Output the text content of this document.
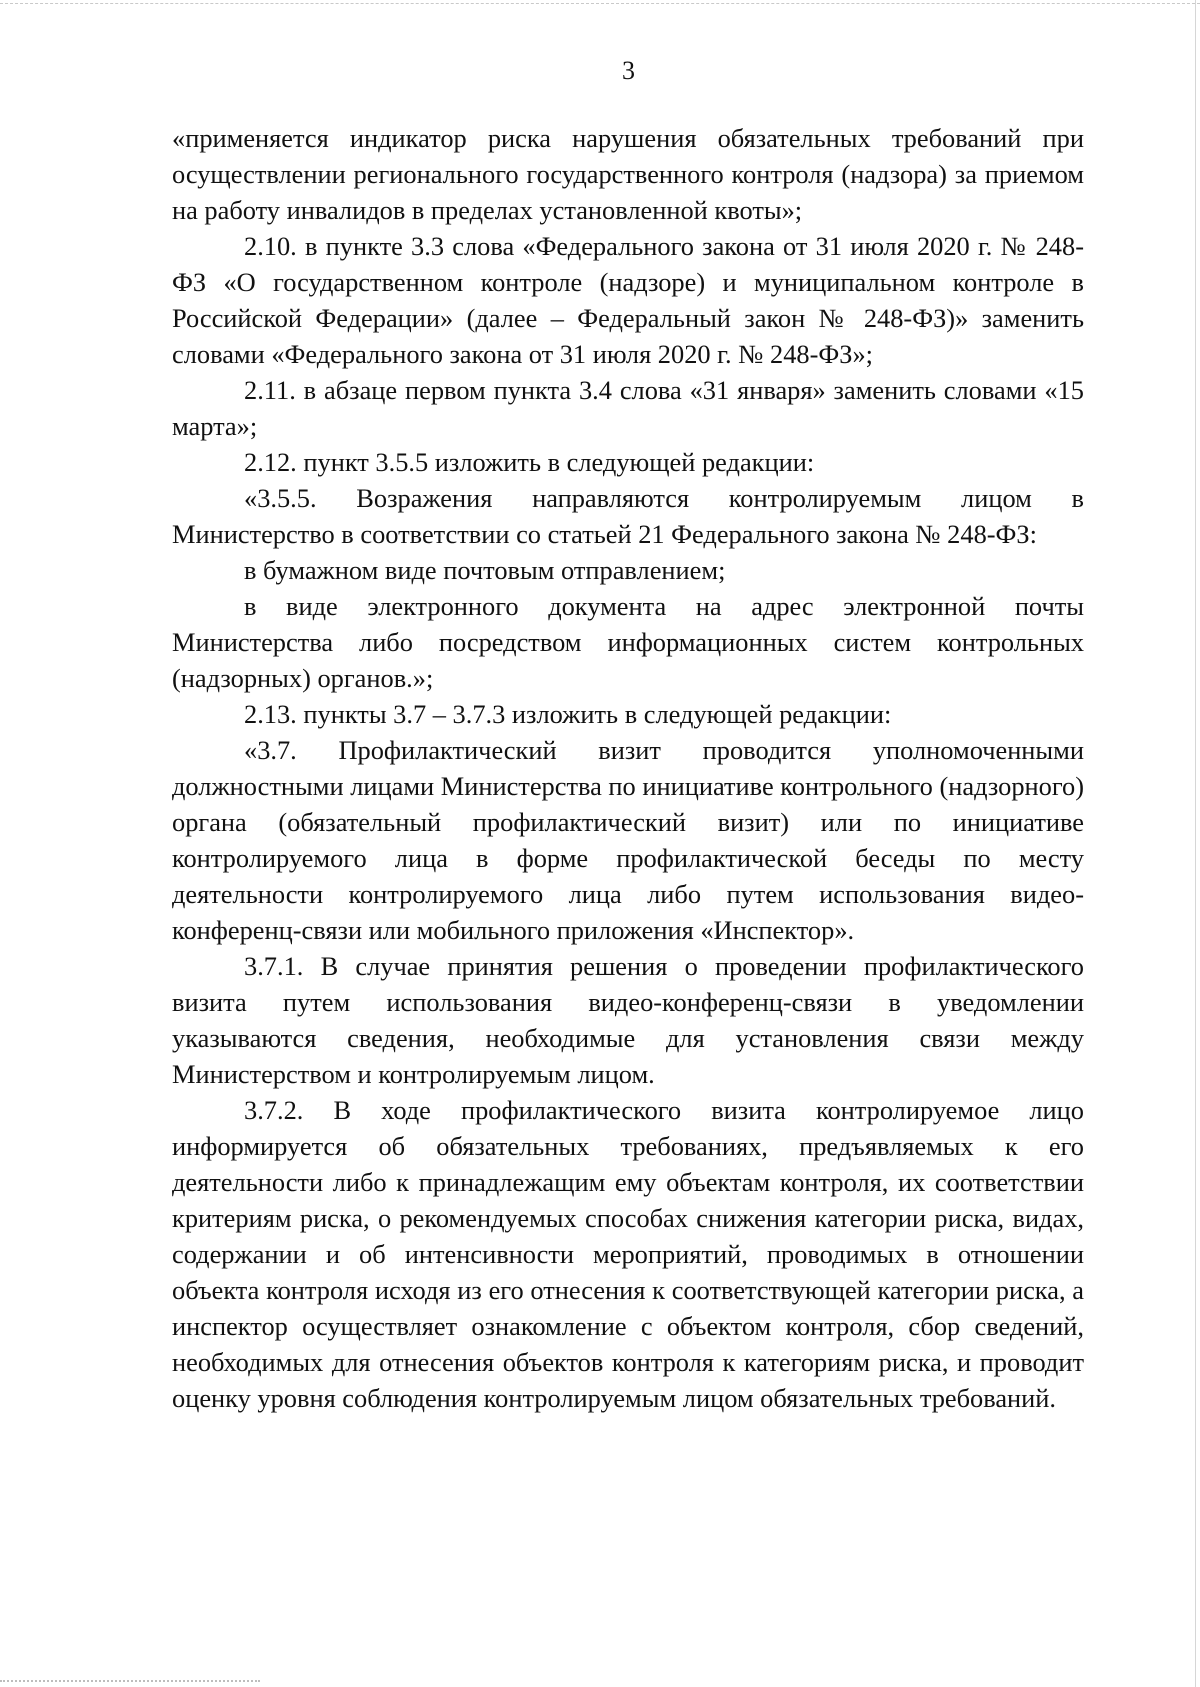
3

«применяется индикатор риска нарушения обязательных требований при осуществлении регионального государственного контроля (надзора) за приемом на работу инвалидов в пределах установленной квоты»;

2.10. в пункте 3.3 слова «Федерального закона от 31 июля 2020 г. № 248-ФЗ «О государственном контроле (надзоре) и муниципальном контроле в Российской Федерации» (далее – Федеральный закон № 248-ФЗ)» заменить словами «Федерального закона от 31 июля 2020 г. № 248-ФЗ»;

2.11. в абзаце первом пункта 3.4 слова «31 января» заменить словами «15 марта»;

2.12. пункт 3.5.5 изложить в следующей редакции:

«3.5.5. Возражения направляются контролируемым лицом в Министерство в соответствии со статьей 21 Федерального закона № 248-ФЗ:

в бумажном виде почтовым отправлением;

в виде электронного документа на адрес электронной почты Министерства либо посредством информационных систем контрольных (надзорных) органов.»;

2.13. пункты 3.7 – 3.7.3 изложить в следующей редакции:

«3.7. Профилактический визит проводится уполномоченными должностными лицами Министерства по инициативе контрольного (надзорного) органа (обязательный профилактический визит) или по инициативе контролируемого лица в форме профилактической беседы по месту деятельности контролируемого лица либо путем использования видео-конференц-связи или мобильного приложения «Инспектор».

3.7.1. В случае принятия решения о проведении профилактического визита путем использования видео-конференц-связи в уведомлении указываются сведения, необходимые для установления связи между Министерством и контролируемым лицом.

3.7.2. В ходе профилактического визита контролируемое лицо информируется об обязательных требованиях, предъявляемых к его деятельности либо к принадлежащим ему объектам контроля, их соответствии критериям риска, о рекомендуемых способах снижения категории риска, видах, содержании и об интенсивности мероприятий, проводимых в отношении объекта контроля исходя из его отнесения к соответствующей категории риска, а инспектор осуществляет ознакомление с объектом контроля, сбор сведений, необходимых для отнесения объектов контроля к категориям риска, и проводит оценку уровня соблюдения контролируемым лицом обязательных требований.
